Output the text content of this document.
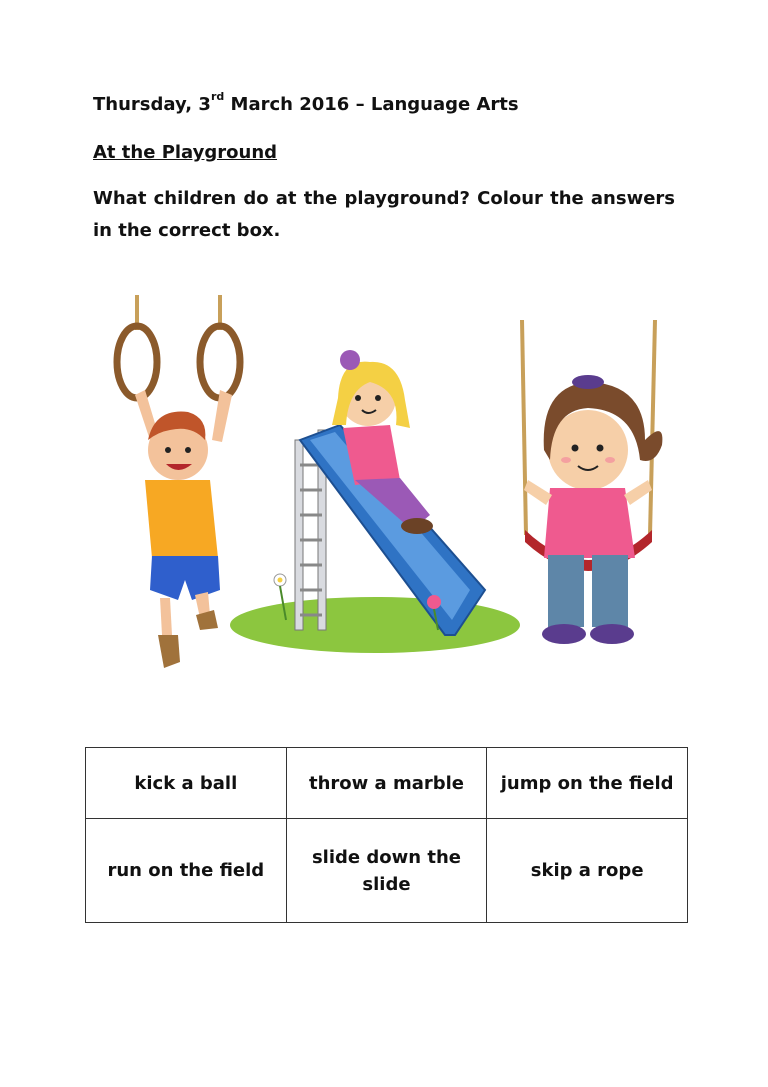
Thursday, 3rd March 2016 – Language Arts
At the Playground
What children do at the playground? Colour the answers in the correct box.
kick a ball	throw a marble	jump on the field
run on the field	slide down the slide	skip a rope
